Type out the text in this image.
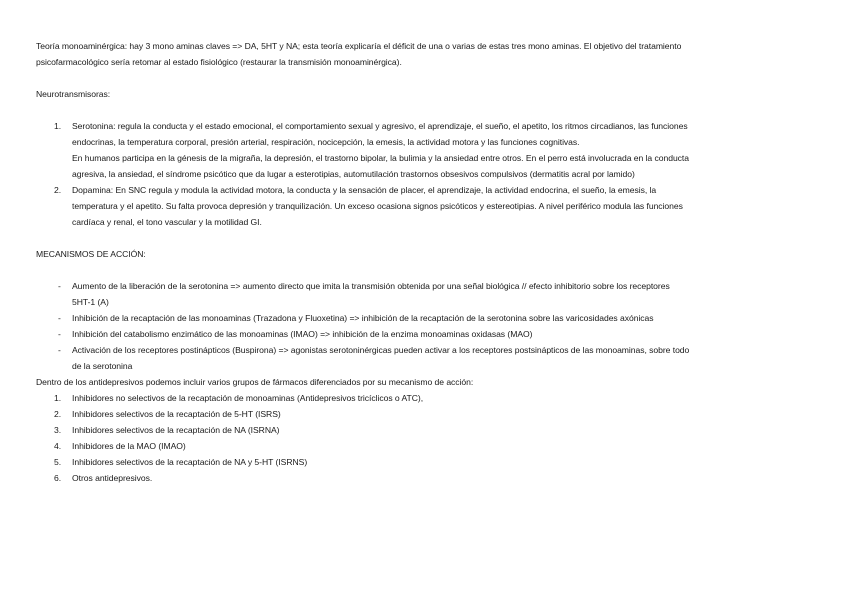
Teoría monoaminérgica: hay 3 mono aminas claves => DA, 5HT y NA; esta teoría explicaría el déficit de una o varias de estas tres mono aminas. El objetivo del tratamiento
psicofarmacológico sería retomar al estado fisiológico (restaurar la transmisión monoaminérgica).

Neurotransmisoras:

1. Serotonina: regula la conducta y el estado emocional, el comportamiento sexual y agresivo, el aprendizaje, el sueño, el apetito, los ritmos circadianos, las funciones
endocrinas, la temperatura corporal, presión arterial, respiración, nocicepción, la emesis, la actividad motora y las funciones cognitivas.
En humanos participa en la génesis de la migraña, la depresión, el trastorno bipolar, la bulimia y la ansiedad entre otros. En el perro está involucrada en la conducta
agresiva, la ansiedad, el síndrome psicótico que da lugar a esterotipias, automutilación trastornos obsesivos compulsivos (dermatitis acral por lamido)
2. Dopamina: En SNC regula y modula la actividad motora, la conducta y la sensación de placer, el aprendizaje, la actividad endocrina, el sueño, la emesis, la
temperatura y el apetito. Su falta provoca depresión y tranquilización. Un exceso ocasiona signos psicóticos y estereotipias. A nivel periférico modula las funciones
cardíaca y renal, el tono vascular y la motilidad GI.

MECANISMOS DE ACCIÓN:

- Aumento de la liberación de la serotonina => aumento directo que imita la transmisión obtenida por una señal biológica // efecto inhibitorio sobre los receptores
5HT-1 (A)
- Inhibición de la recaptación de las monoaminas (Trazadona y Fluoxetina) => inhibición de la recaptación de la serotonina sobre las varicosidades axónicas
- Inhibición del catabolismo enzimático de las monoaminas (IMAO) => inhibición de la enzima monoaminas oxidasas (MAO)
- Activación de los receptores postinápticos (Buspirona) => agonistas serotoninérgicas pueden activar a los receptores postsinápticos de las monoaminas, sobre todo
de la serotonina

Dentro de los antidepresivos podemos incluir varios grupos de fármacos diferenciados por su mecanismo de acción:

1. Inhibidores no selectivos de la recaptación de monoaminas (Antidepresivos tricíclicos o ATC),
2. Inhibidores selectivos de la recaptación de 5-HT (ISRS)
3. Inhibidores selectivos de la recaptación de NA (ISRNA)
4. Inhibidores de la MAO (IMAO)
5. Inhibidores selectivos de la recaptación de NA y 5-HT (ISRNS)
6. Otros antidepresivos.
